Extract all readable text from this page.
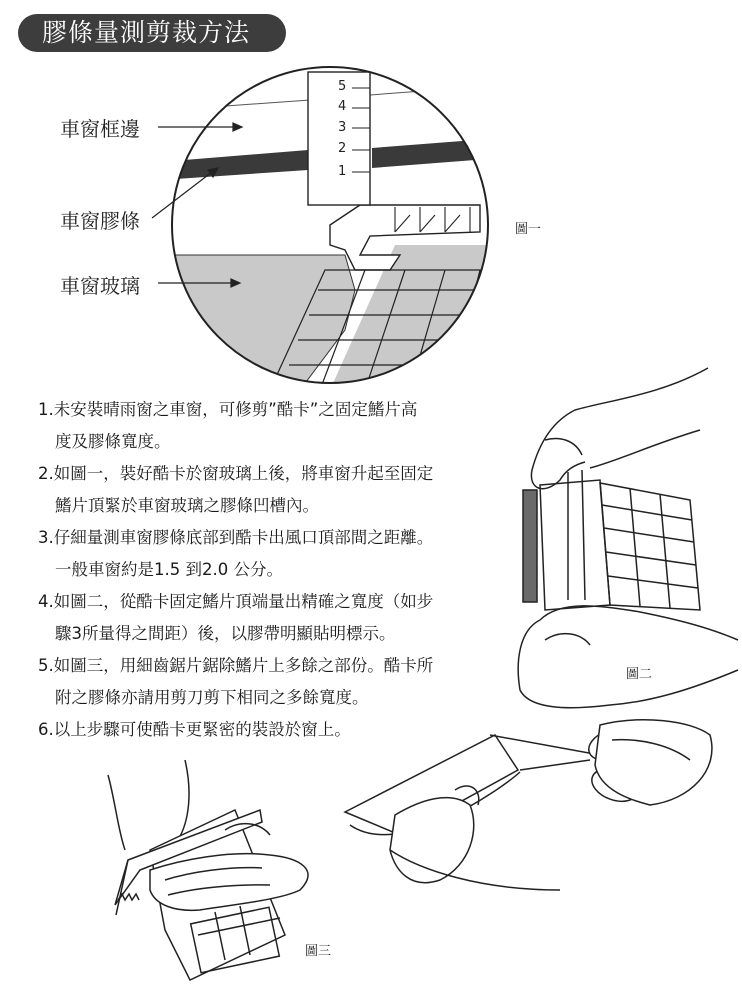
膠條量測剪裁方法
5
4
3
2
1
車窗框邊
車窗膠條
車窗玻璃
圖一
圖二
圖三
1.未安裝晴雨窗之車窗，可修剪”酷卡”之固定鰭片高
度及膠條寬度。
2.如圖一，裝好酷卡於窗玻璃上後，將車窗升起至固定
鰭片頂緊於車窗玻璃之膠條凹槽內。
3.仔細量測車窗膠條底部到酷卡出風口頂部間之距離。
一般車窗約是1.5 到2.0 公分。
4.如圖二，從酷卡固定鰭片頂端量出精確之寬度（如步
驟3所量得之間距）後，以膠帶明顯貼明標示。
5.如圖三，用細齒鋸片鋸除鰭片上多餘之部份。酷卡所
附之膠條亦請用剪刀剪下相同之多餘寬度。
6.以上步驟可使酷卡更緊密的裝設於窗上。
